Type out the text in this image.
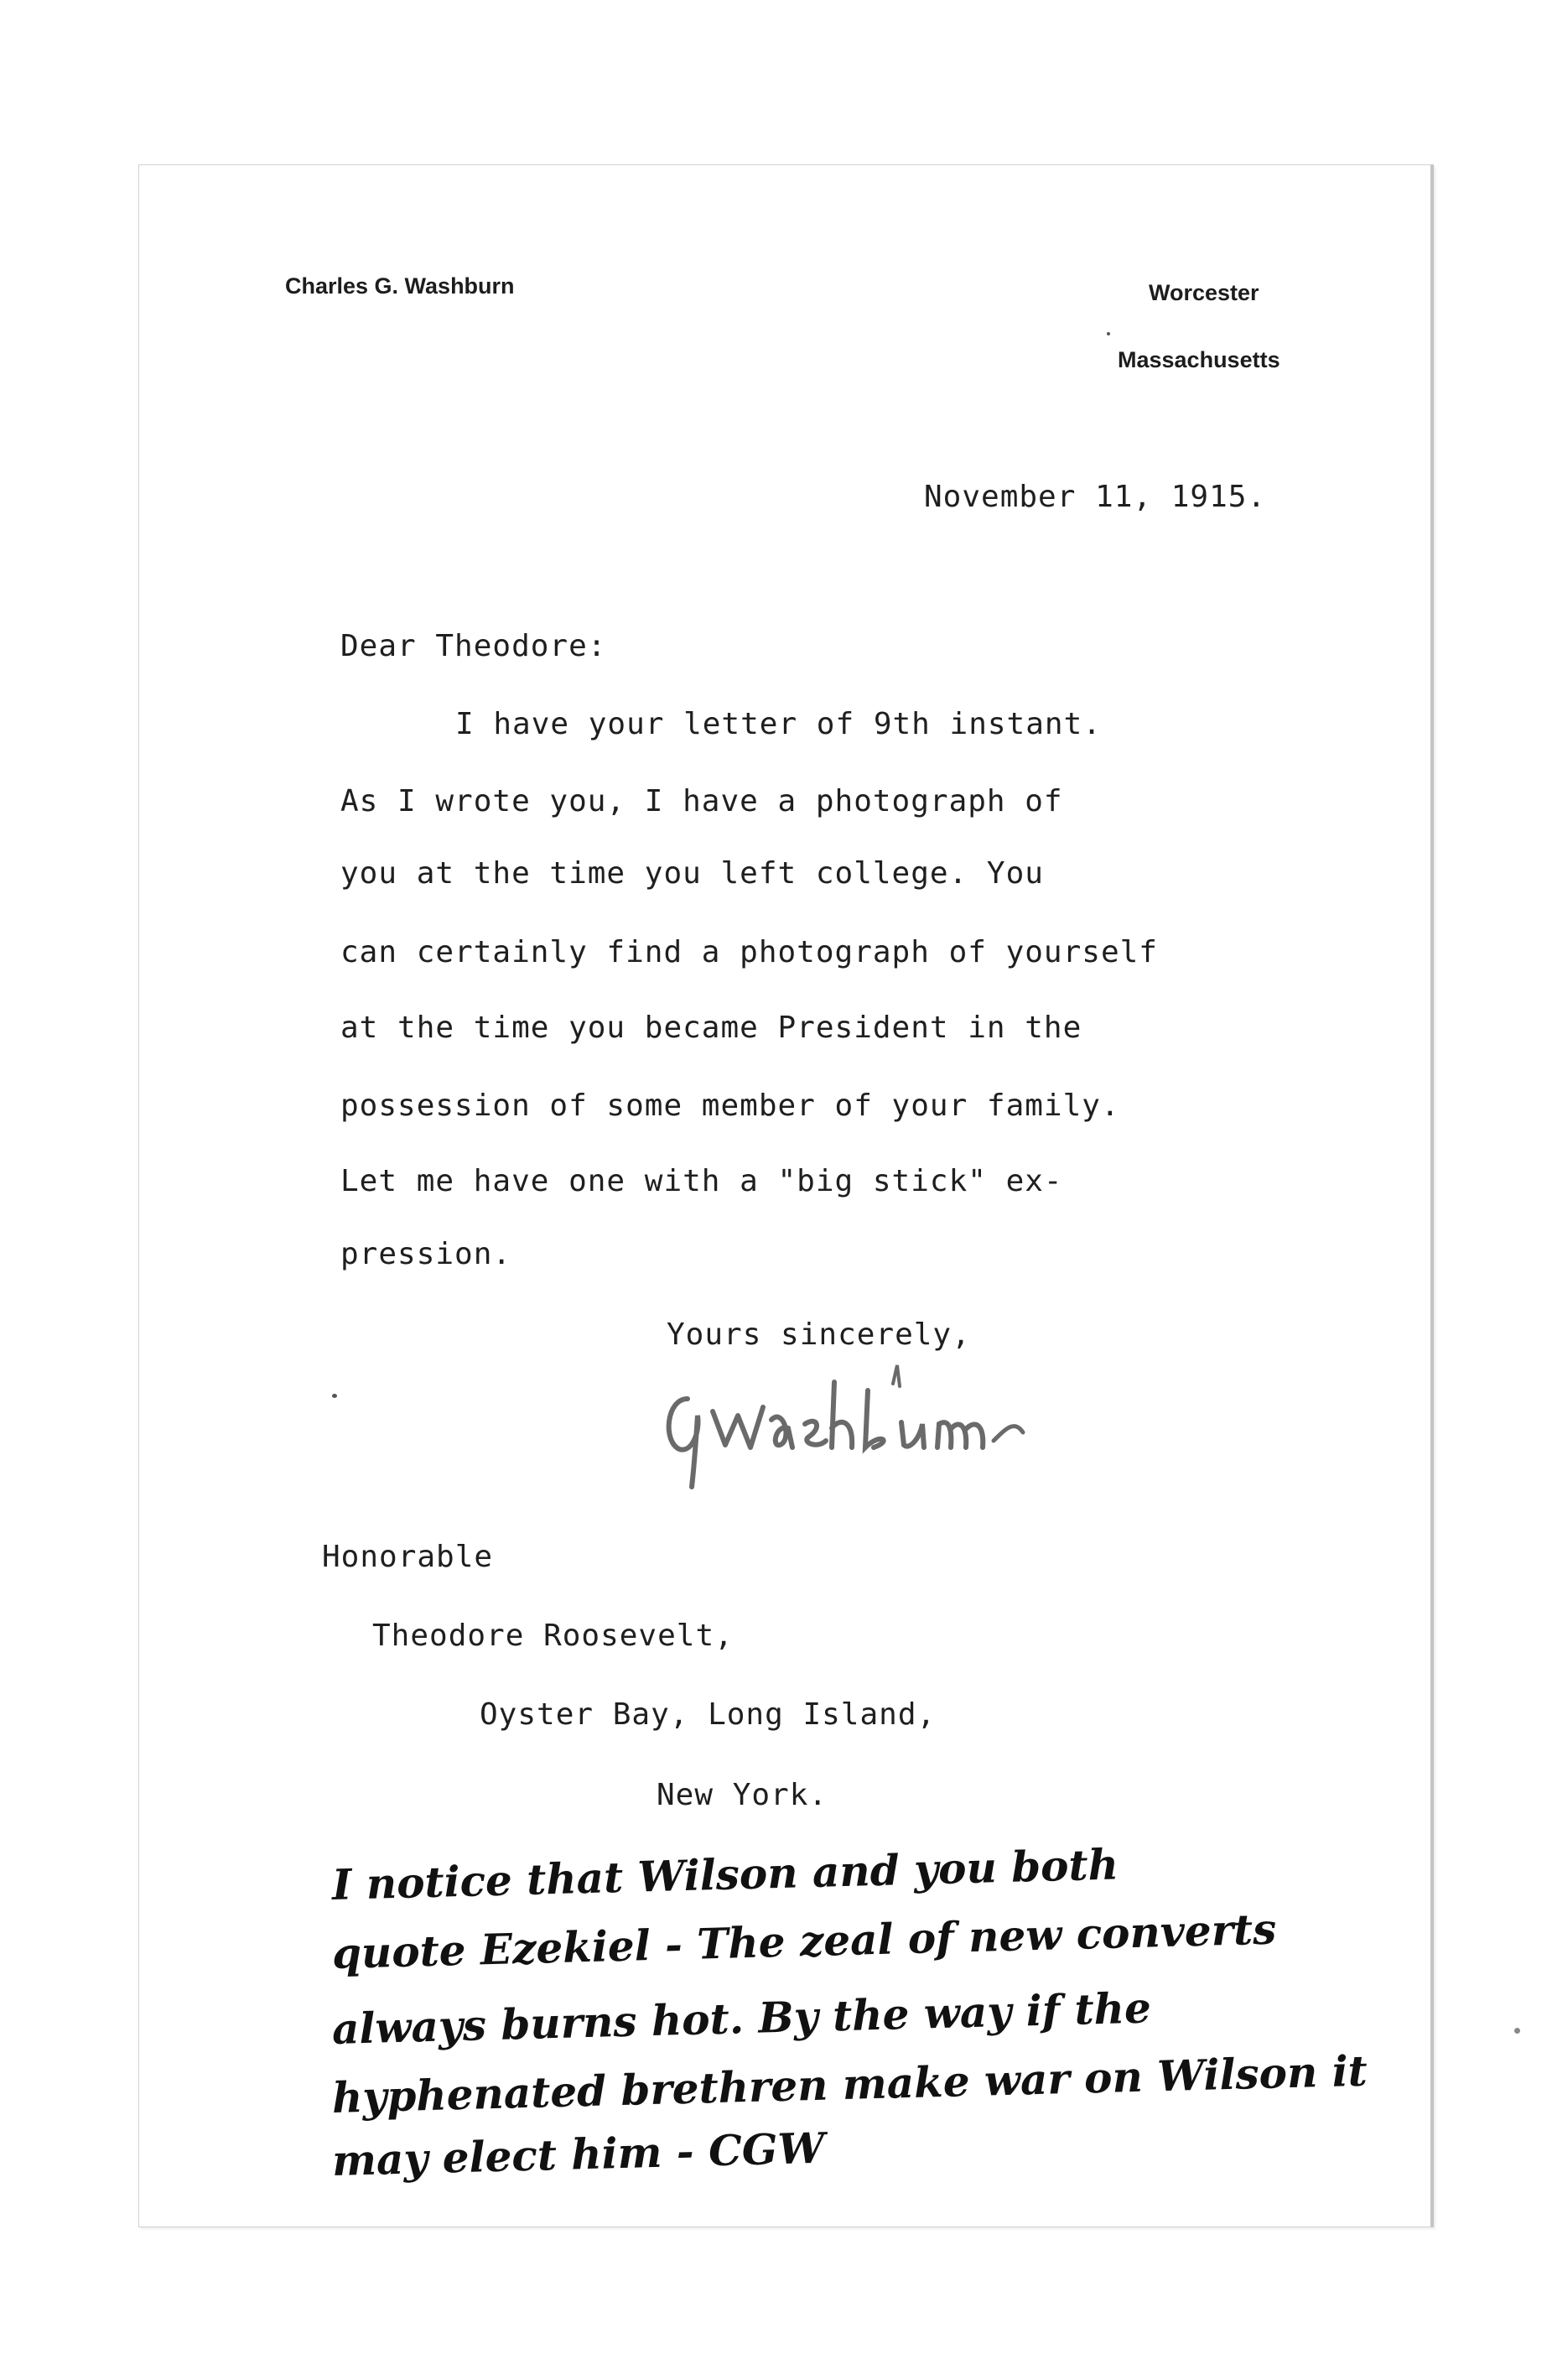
Charles G. Washburn	Worcester
Massachusetts
November 11, 1915.
Dear Theodore:
I have your letter of 9th instant.
As I wrote you, I have a photograph of
you at the time you left college. You
can certainly find a photograph of yourself
at the time you became President in the
possession of some member of your family.
Let me have one with a "big stick" ex-
pression.
Yours sincerely,
Honorable
Theodore Roosevelt,
Oyster Bay, Long Island,
New York.
I notice that Wilson and you both
quote Ezekiel - The zeal of new converts
always burns hot. By the way if the
hyphenated brethren make war on Wilson it
may elect him - CGW
